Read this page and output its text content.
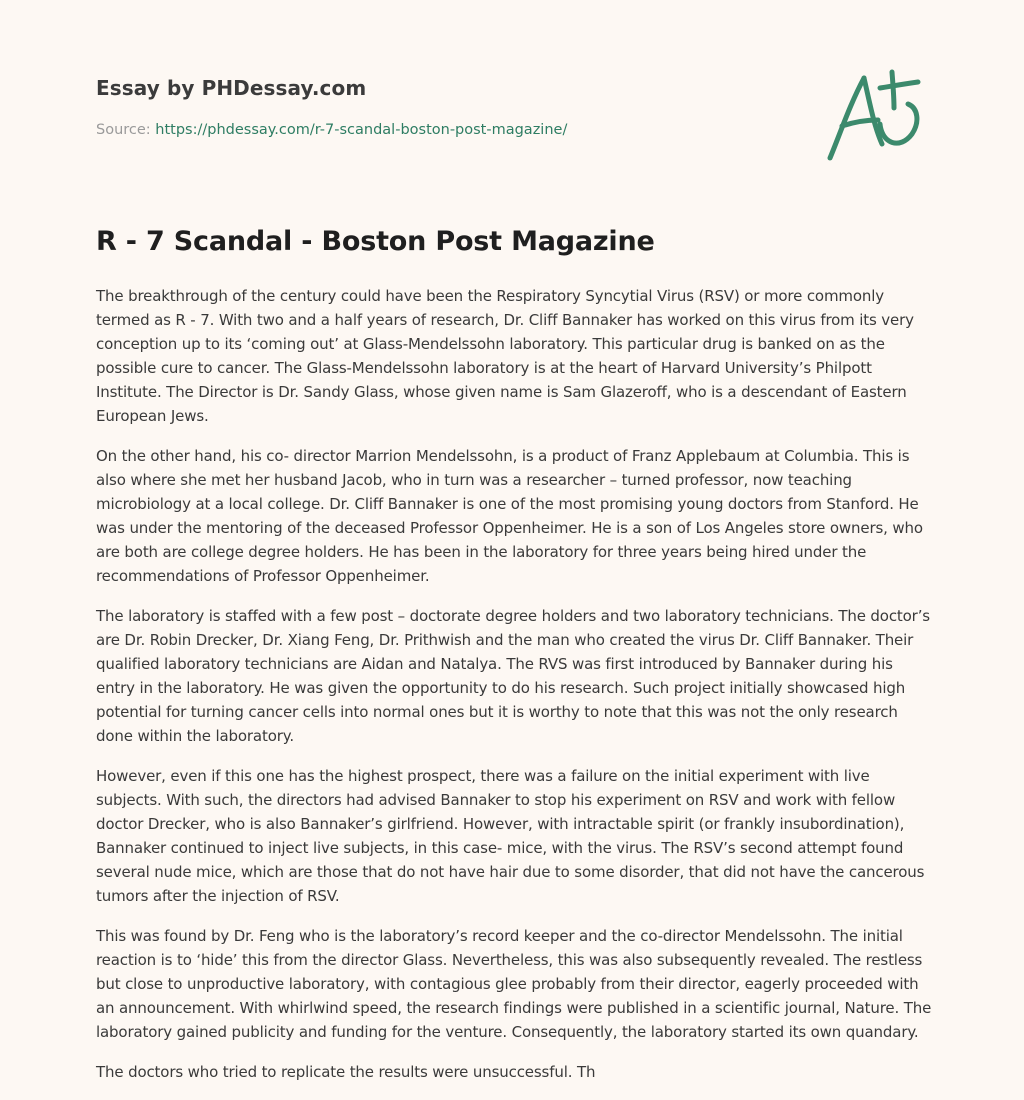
Essay by PHDessay.com
Source: https://phdessay.com/r-7-scandal-boston-post-magazine/
R - 7 Scandal - Boston Post Magazine

The breakthrough of the century could have been the Respiratory Syncytial Virus (RSV) or more commonly termed as R - 7. With two and a half years of research, Dr. Cliff Bannaker has worked on this virus from its very conception up to its ‘coming out’ at Glass-Mendelssohn laboratory. This particular drug is banked on as the possible cure to cancer. The Glass-Mendelssohn laboratory is at the heart of Harvard University’s Philpott Institute. The Director is Dr. Sandy Glass, whose given name is Sam Glazeroff, who is a descendant of Eastern European Jews.

On the other hand, his co- director Marrion Mendelssohn, is a product of Franz Applebaum at Columbia. This is also where she met her husband Jacob, who in turn was a researcher – turned professor, now teaching microbiology at a local college. Dr. Cliff Bannaker is one of the most promising young doctors from Stanford. He was under the mentoring of the deceased Professor Oppenheimer. He is a son of Los Angeles store owners, who are both are college degree holders. He has been in the laboratory for three years being hired under the recommendations of Professor Oppenheimer.

The laboratory is staffed with a few post – doctorate degree holders and two laboratory technicians. The doctor’s are Dr. Robin Drecker, Dr. Xiang Feng, Dr. Prithwish and the man who created the virus Dr. Cliff Bannaker. Their qualified laboratory technicians are Aidan and Natalya. The RVS was first introduced by Bannaker during his entry in the laboratory. He was given the opportunity to do his research. Such project initially showcased high potential for turning cancer cells into normal ones but it is worthy to note that this was not the only research done within the laboratory.

However, even if this one has the highest prospect, there was a failure on the initial experiment with live subjects. With such, the directors had advised Bannaker to stop his experiment on RSV and work with fellow doctor Drecker, who is also Bannaker’s girlfriend. However, with intractable spirit (or frankly insubordination), Bannaker continued to inject live subjects, in this case- mice, with the virus. The RSV’s second attempt found several nude mice, which are those that do not have hair due to some disorder, that did not have the cancerous tumors after the injection of RSV.

This was found by Dr. Feng who is the laboratory’s record keeper and the co-director Mendelssohn. The initial reaction is to ‘hide’ this from the director Glass. Nevertheless, this was also subsequently revealed. The restless but close to unproductive laboratory, with contagious glee probably from their director, eagerly proceeded with an announcement. With whirlwind speed, the research findings were published in a scientific journal, Nature. The laboratory gained publicity and funding for the venture. Consequently, the laboratory started its own quandary.

The doctors who tried to replicate the results were unsuccessful. Th
